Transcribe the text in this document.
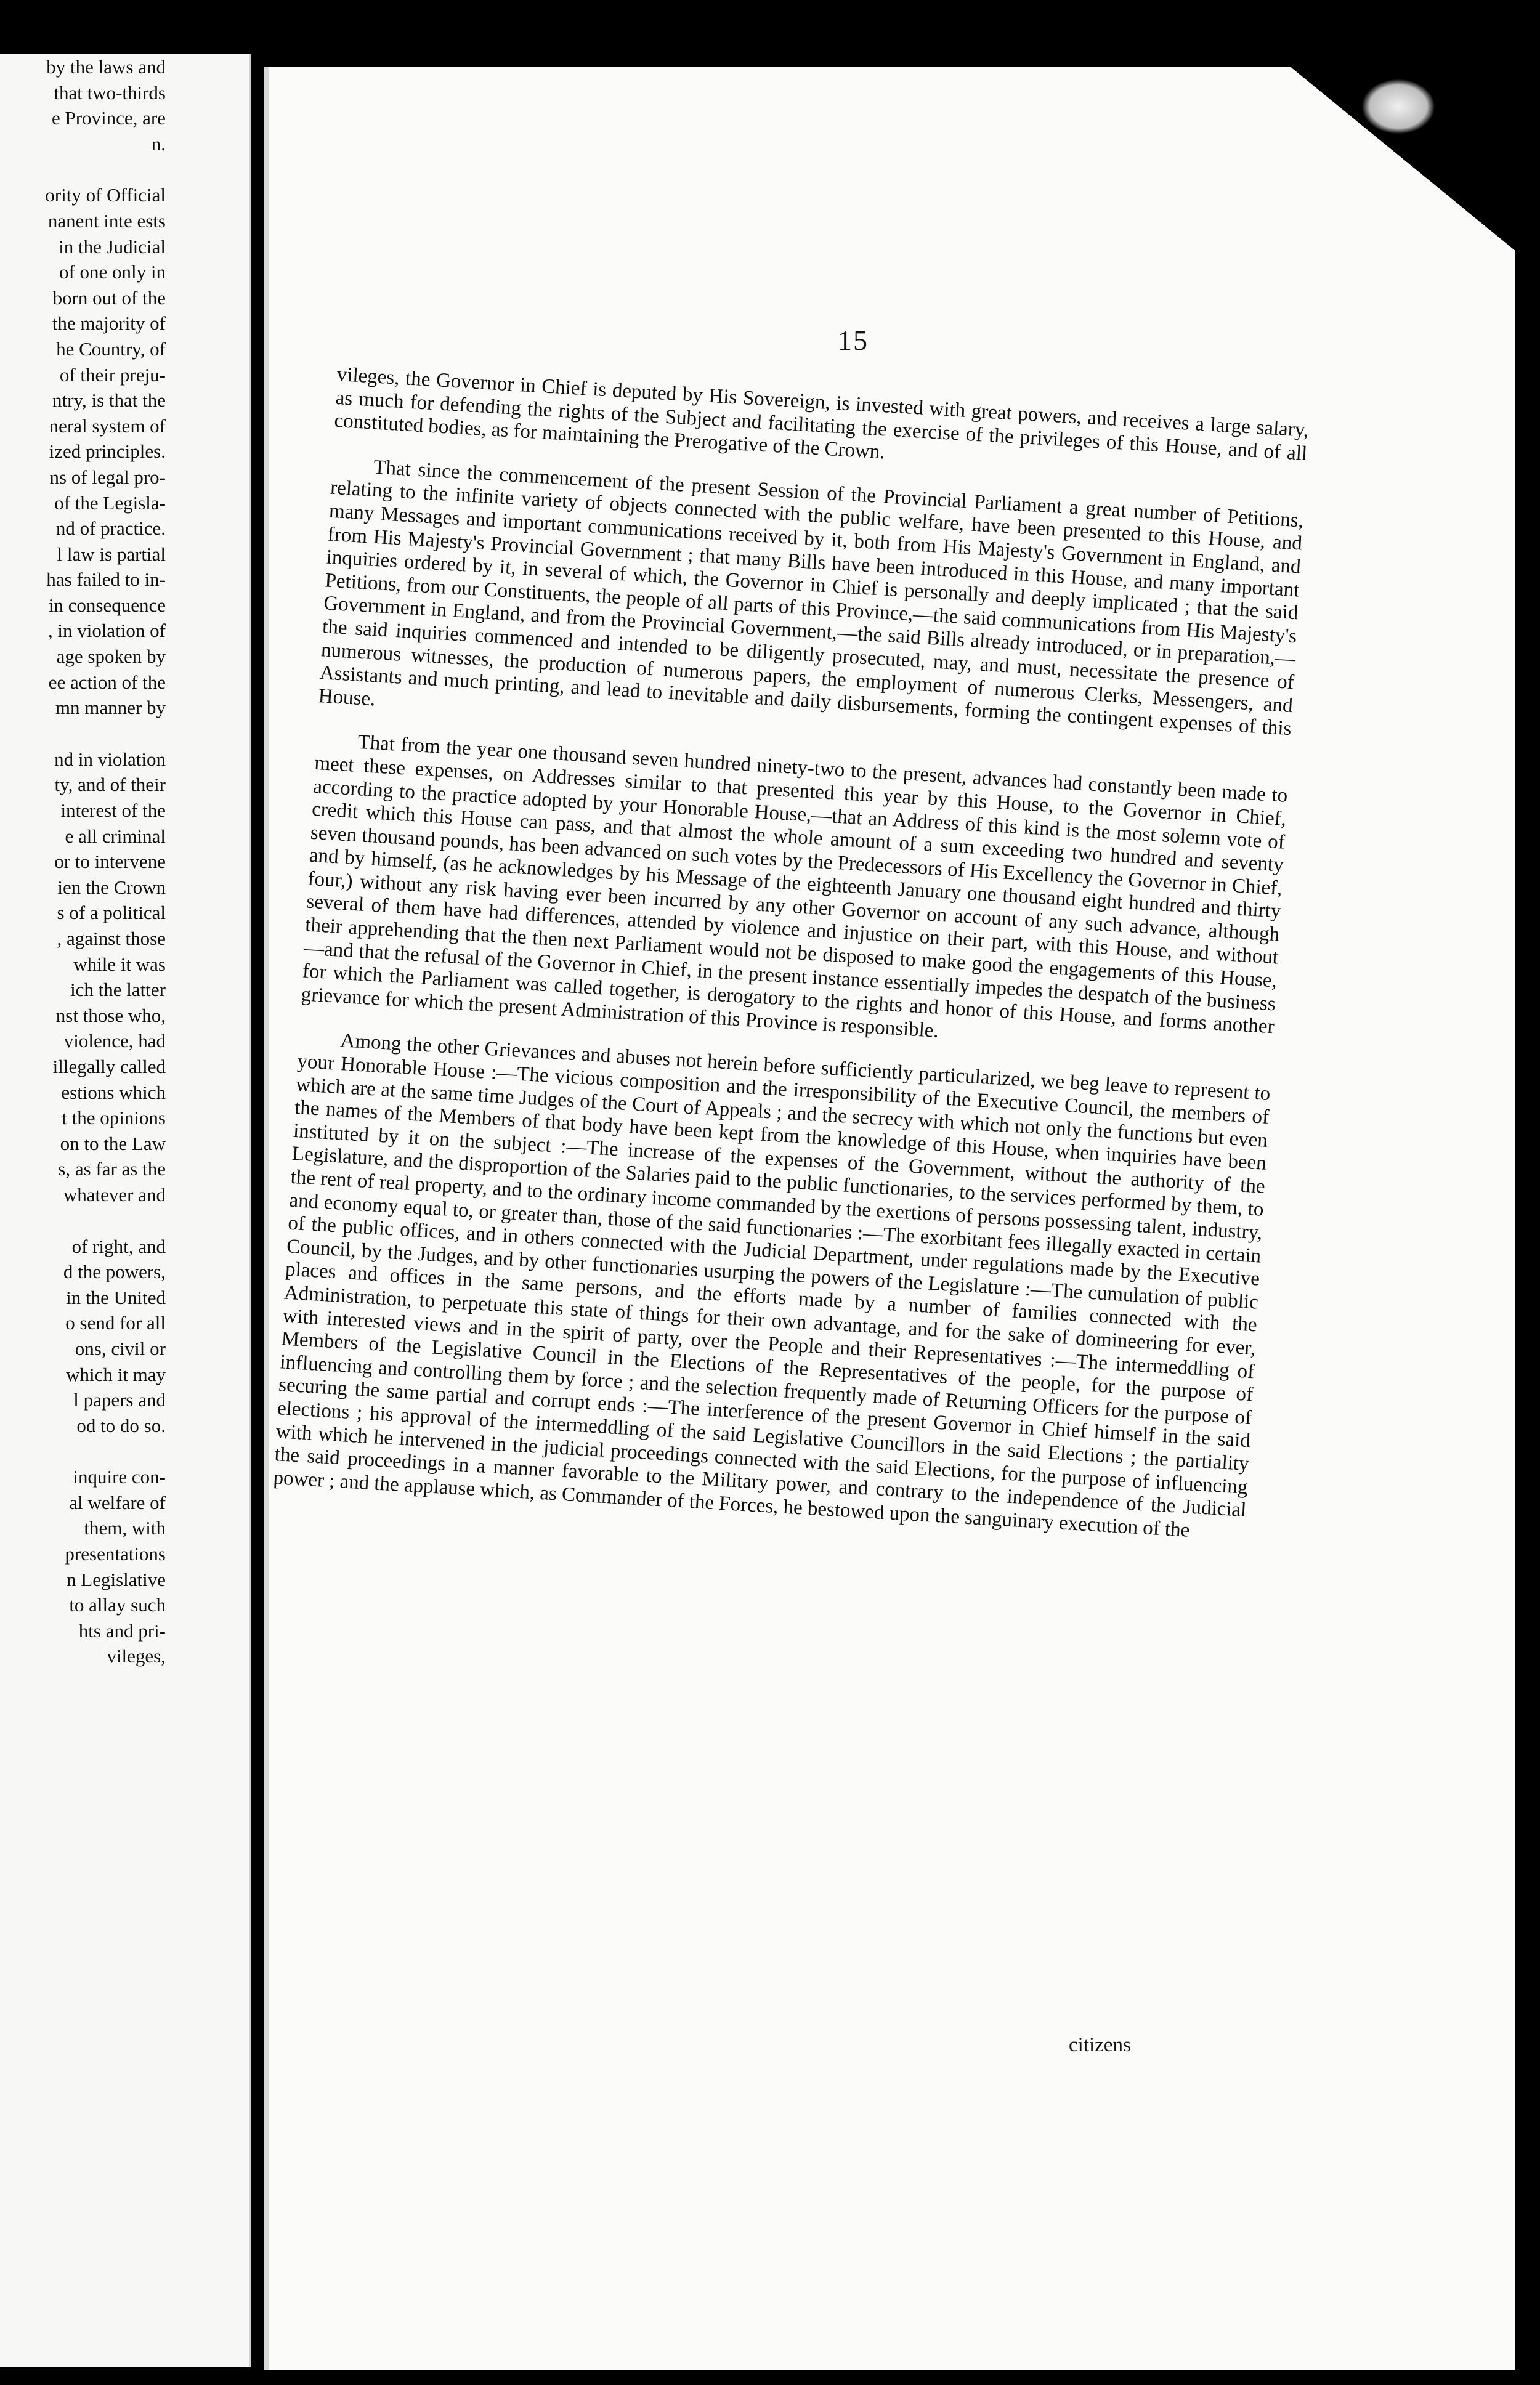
by the laws and
that two-thirds
e Province, are
n.
ority of Official
nanent inte ests
in the Judicial
of one only in
born out of the
the majority of
he Country, of
of their preju-
ntry, is that the
neral system of
ized principles.
ns of legal pro-
of the Legisla-
nd of practice.
l law is partial
has failed to in-
in consequence
, in violation of
age spoken by
ee action of the
mn manner by
nd in violation
ty, and of their
interest of the
e all criminal
or to intervene
ien the Crown
s of a political
, against those
while it was
ich the latter
nst those who,
violence, had
illegally called
estions which
t the opinions
on to the Law
s, as far as the
whatever and
of right, and
d the powers,
in the United
o send for all
ons, civil or
which it may
l papers and
od to do so.
inquire con-
al welfare of
them, with
presentations
n Legislative
to allay such
hts and pri-
vileges,
15

vileges, the Governor in Chief is deputed by His Sovereign, is invested with great powers, and receives a large salary, as much for defending the rights of the Subject and facilitating the exercise of the privileges of this House, and of all constituted bodies, as for maintaining the Prerogative of the Crown.

That since the commencement of the present Session of the Provincial Parliament a great number of Petitions, relating to the infinite variety of objects connected with the public welfare, have been presented to this House, and many Messages and important communications received by it, both from His Majesty's Government in England, and from His Majesty's Provincial Government ; that many Bills have been introduced in this House, and many important inquiries ordered by it, in several of which, the Governor in Chief is personally and deeply implicated ; that the said Petitions, from our Constituents, the people of all parts of this Province,—the said communications from His Majesty's Government in England, and from the Provincial Government,—the said Bills already introduced, or in preparation,—the said inquiries commenced and intended to be diligently prosecuted, may, and must, necessitate the presence of numerous witnesses, the production of numerous papers, the employment of numerous Clerks, Messengers, and Assistants and much printing, and lead to inevitable and daily disbursements, forming the contingent expenses of this House.

That from the year one thousand seven hundred ninety-two to the present, advances had constantly been made to meet these expenses, on Addresses similar to that presented this year by this House, to the Governor in Chief, according to the practice adopted by your Honorable House,—that an Address of this kind is the most solemn vote of credit which this House can pass, and that almost the whole amount of a sum exceeding two hundred and seventy seven thousand pounds, has been advanced on such votes by the Predecessors of His Excellency the Governor in Chief, and by himself, (as he acknowledges by his Message of the eighteenth January one thousand eight hundred and thirty four,) without any risk having ever been incurred by any other Governor on account of any such advance, although several of them have had differences, attended by violence and injustice on their part, with this House, and without their apprehending that the then next Parliament would not be disposed to make good the engagements of this House,—and that the refusal of the Governor in Chief, in the present instance essentially impedes the despatch of the business for which the Parliament was called together, is derogatory to the rights and honor of this House, and forms another grievance for which the present Administration of this Province is responsible.

Among the other Grievances and abuses not herein before sufficiently particularized, we beg leave to represent to your Honorable House :—The vicious composition and the irresponsibility of the Executive Council, the members of which are at the same time Judges of the Court of Appeals ; and the secrecy with which not only the functions but even the names of the Members of that body have been kept from the knowledge of this House, when inquiries have been instituted by it on the subject :—The increase of the expenses of the Government, without the authority of the Legislature, and the disproportion of the Salaries paid to the public functionaries, to the services performed by them, to the rent of real property, and to the ordinary income commanded by the exertions of persons possessing talent, industry, and economy equal to, or greater than, those of the said functionaries :—The exorbitant fees illegally exacted in certain of the public offices, and in others connected with the Judicial Department, under regulations made by the Executive Council, by the Judges, and by other functionaries usurping the powers of the Legislature :—The cumulation of public places and offices in the same persons, and the efforts made by a number of families connected with the Administration, to perpetuate this state of things for their own advantage, and for the sake of domineering for ever, with interested views and in the spirit of party, over the People and their Representatives :—The intermeddling of Members of the Legislative Council in the Elections of the Representatives of the people, for the purpose of influencing and controlling them by force ; and the selection frequently made of Returning Officers for the purpose of securing the same partial and corrupt ends :—The interference of the present Governor in Chief himself in the said elections ; his approval of the intermeddling of the said Legislative Councillors in the said Elections ; the partiality with which he intervened in the judicial proceedings connected with the said Elections, for the purpose of influencing the said proceedings in a manner favorable to the Military power, and contrary to the independence of the Judicial power ; and the applause which, as Commander of the Forces, he bestowed upon the sanguinary execution of the

citizens
